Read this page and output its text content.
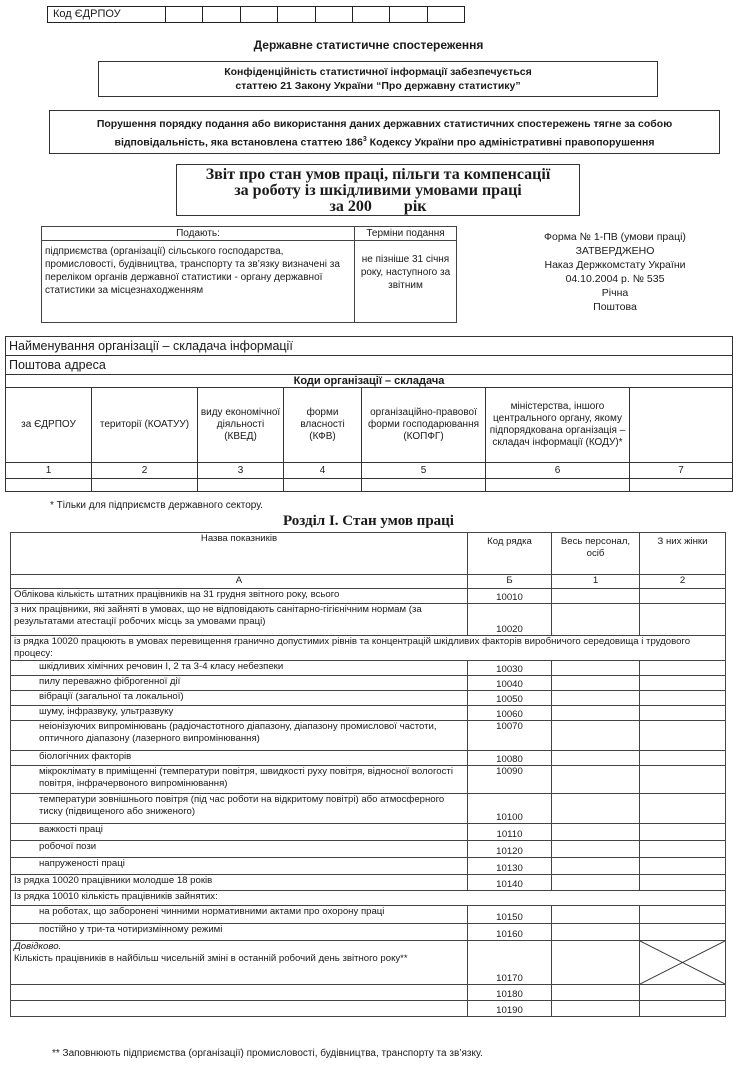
Код ЄДРПОУ
Державне статистичне спостереження
Конфіденційність статистичної інформації забезпечується
статтею 21 Закону України “Про державну статистику”
Порушення порядку подання або використання даних державних статистичних спостережень тягне за собою
відповідальність, яка встановлена статтею $186^3$ Кодексу України про адміністративні правопорушення
Звіт про стан умов праці, пільги та компенсації
за роботу із шкідливими умовами праці
за 200        рік
Подають:	Терміни подання
підприємства (організації) сільського господарства, промисловості, будівництва, транспорту та зв’язку визначені за переліком органів державної статистики - органу державної статистики за місцезнаходженням	не пізніше 31 січня року, наступного за звітним
Форма № 1-ПВ (умови праці)
ЗАТВЕРДЖЕНО
Наказ Держкомстату України
04.10.2004 р. № 535
Річна
Поштова
Найменування організації – складача інформації
Поштова адреса
Коди організації – складача						
за ЄДРПОУ	території (КОАТУУ)	виду економічної діяльності (КВЕД)	форми власності (КФВ)	організаційно-правової форми господарювання (КОПФГ)	міністерства, іншого центрального органу, якому підпорядкована організація – складач інформації (КОДУ)*	
1	2	3	4	5	6	7

* Тільки для підприємств державного сектору.
Розділ І. Стан умов праці
Назва показників	Код рядка	Весь персонал, осіб	З них жінки
А	Б	1	2
Облікова кількість штатних працівників на 31 грудня звітного року, всього	10010		
з них працівники, які зайняті в умовах, що не відповідають санітарно-гігієнічним нормам (за результатами атестації робочих місць за умовами праці)	10020		
із рядка 10020 працюють в умовах перевищення гранично допустимих рівнів та концентрацій шкідливих факторів виробничого середовища і трудового процесу:			
шкідливих хімічних речовин І, 2 та 3-4 класу небезпеки	10030		
пилу переважно фіброгенної дії	10040		
вібрації (загальної та локальної)	10050		
шуму, інфразвуку, ультразвуку	10060		
неіонізуючих випромінювань (радіочастотного діапазону, діапазону промислової частоти, оптичного діапазону (лазерного випромінювання)	10070		
біологічних факторів	10080		
мікроклімату в приміщенні (температури повітря, швидкості руху повітря, відносної вологості повітря, інфрачервоного випромінювання)	10090		
температури зовнішнього повітря (під час роботи на відкритому повітрі) або атмосферного тиску (підвищеного або зниженого)	10100		
важкості праці	10110		
робочої пози	10120		
напруженості праці	10130		
Із рядка 10020 працівники молодше 18 років	10140		
Із рядка 10010 кількість працівників зайнятих:			
на роботах, що заборонені чинними нормативними актами про охорону праці	10150		
постійно у три-та чотиризмінному режимі	10160		

Довідково.
Кількість працівників в найбільш чисельній зміні в останній робочий день звітного року**	10170		

	10180		
	10190		
** Заповнюють підприємства (організації) промисловості, будівництва, транспорту та зв’язку.
